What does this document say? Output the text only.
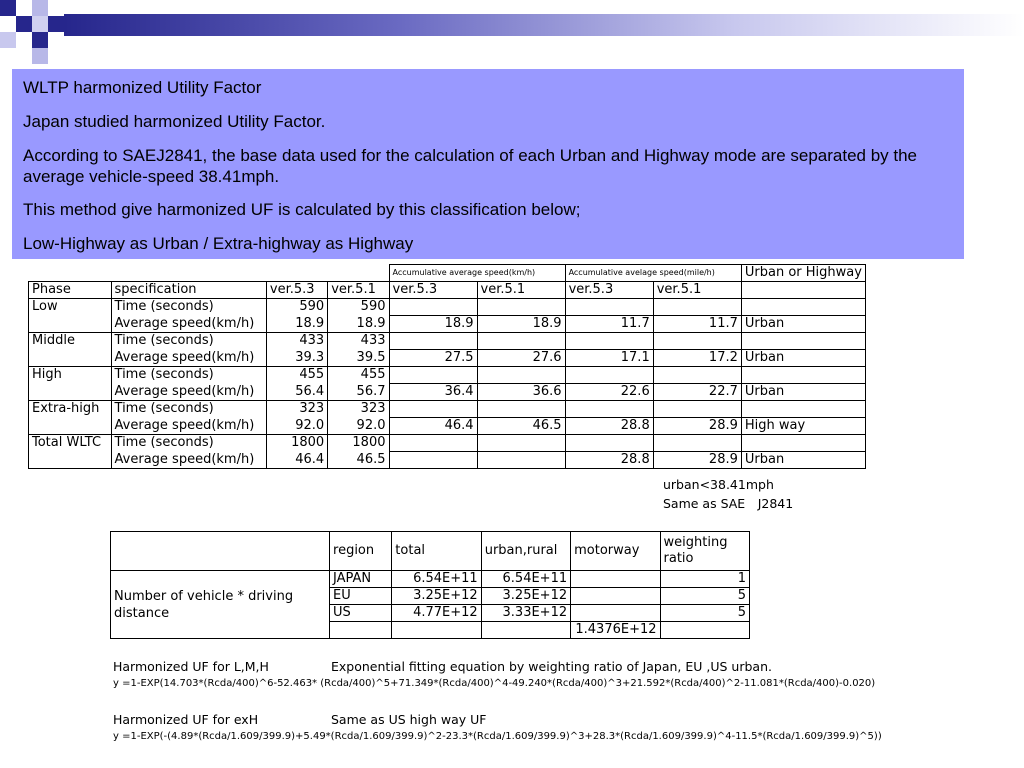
WLTP harmonized Utility Factor

Japan studied harmonized Utility Factor.

According to SAEJ2841, the base data used for the calculation of each Urban and Highway mode are separated by the average vehicle-speed 38.41mph.

This method give harmonized UF is calculated by this classification below;

Low-Highway as Urban / Extra-highway as Highway

				Accumulative average speed(km/h)		Accumulative avelage speed(mile/h)		Urban or Highway
Phase	specification	ver.5.3	ver.5.1	ver.5.3	ver.5.1	ver.5.3	ver.5.1	
Low	Time (seconds)	590	590					
	Average speed(km/h)	18.9	18.9	18.9	18.9	11.7	11.7	Urban
Middle	Time (seconds)	433	433					
	Average speed(km/h)	39.3	39.5	27.5	27.6	17.1	17.2	Urban
High	Time (seconds)	455	455					
	Average speed(km/h)	56.4	56.7	36.4	36.6	22.6	22.7	Urban
Extra-high	Time (seconds)	323	323					
	Average speed(km/h)	92.0	92.0	46.4	46.5	28.8	28.9	High way
Total WLTC	Time (seconds)	1800	1800					
	Average speed(km/h)	46.4	46.5			28.8	28.9	Urban
urban<38.41mph
Same as SAE　J2841
	region	total	urban,rural	motorway	weighting
ratio
Number of vehicle * driving
distance	JAPAN	6.54E+11	6.54E+11		1
	EU	3.25E+12	3.25E+12		5
	US	4.77E+12	3.33E+12		5
				1.4376E+12	
Harmonized UF for L,M,H	Exponential fitting equation by weighting ratio of Japan, EU ,US urban.
y =1-EXP(14.703*(Rcda/400)^6-52.463* (Rcda/400)^5+71.349*(Rcda/400)^4-49.240*(Rcda/400)^3+21.592*(Rcda/400)^2-11.081*(Rcda/400)-0.020)
Harmonized UF for exH	Same as US high way UF
y =1-EXP(-(4.89*(Rcda/1.609/399.9)+5.49*(Rcda/1.609/399.9)^2-23.3*(Rcda/1.609/399.9)^3+28.3*(Rcda/1.609/399.9)^4-11.5*(Rcda/1.609/399.9)^5))
